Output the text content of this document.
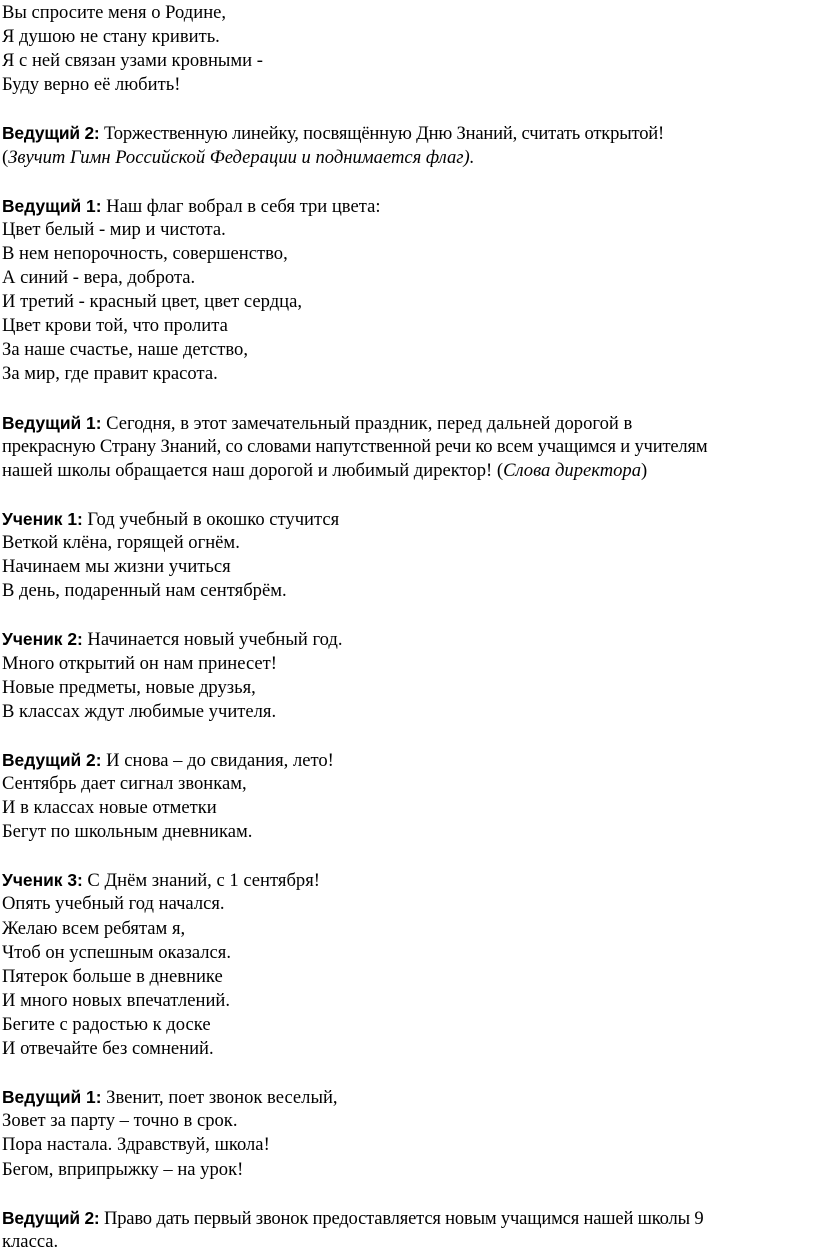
Вы спросите меня о Родине,
Я душою не стану кривить.
Я с ней связан узами кровными -
Буду верно её любить!
Ведущий 2: Торжественную линейку, посвящённую Дню Знаний, считать открытой!
(Звучит Гимн Российской Федерации и поднимается флаг).
Ведущий 1: Наш флаг вобрал в себя три цвета:
Цвет белый - мир и чистота.
В нем непорочность, совершенство,
А синий - вера, доброта.
И третий - красный цвет, цвет сердца,
Цвет крови той, что пролита
За наше счастье, наше детство,
За мир, где правит красота.
Ведущий 1: Сегодня, в этот замечательный праздник, перед дальней дорогой в
прекрасную Страну Знаний, со словами напутственной речи ко всем учащимся и учителям
нашей школы обращается наш дорогой и любимый директор! (Слова директора)
Ученик 1: Год учебный в окошко стучится
Веткой клёна, горящей огнём.
Начинаем мы жизни учиться
В день, подаренный нам сентябрём.
Ученик 2: Начинается новый учебный год.
Много открытий он нам принесет!
Новые предметы, новые друзья,
В классах ждут любимые учителя.
Ведущий 2: И снова – до свидания, лето!
Сентябрь дает сигнал звонкам,
И в классах новые отметки
Бегут по школьным дневникам.
Ученик 3: С Днём знаний, с 1 сентября!
Опять учебный год начался.
Желаю всем ребятам я,
Чтоб он успешным оказался.
Пятерок больше в дневнике
И много новых впечатлений.
Бегите с радостью к доске
И отвечайте без сомнений.
Ведущий 1: Звенит, поет звонок веселый,
Зовет за парту – точно в срок.
Пора настала. Здравствуй, школа!
Бегом, вприпрыжку – на урок!
Ведущий 2: Право дать первый звонок предоставляется новым учащимся нашей школы 9
класса.
